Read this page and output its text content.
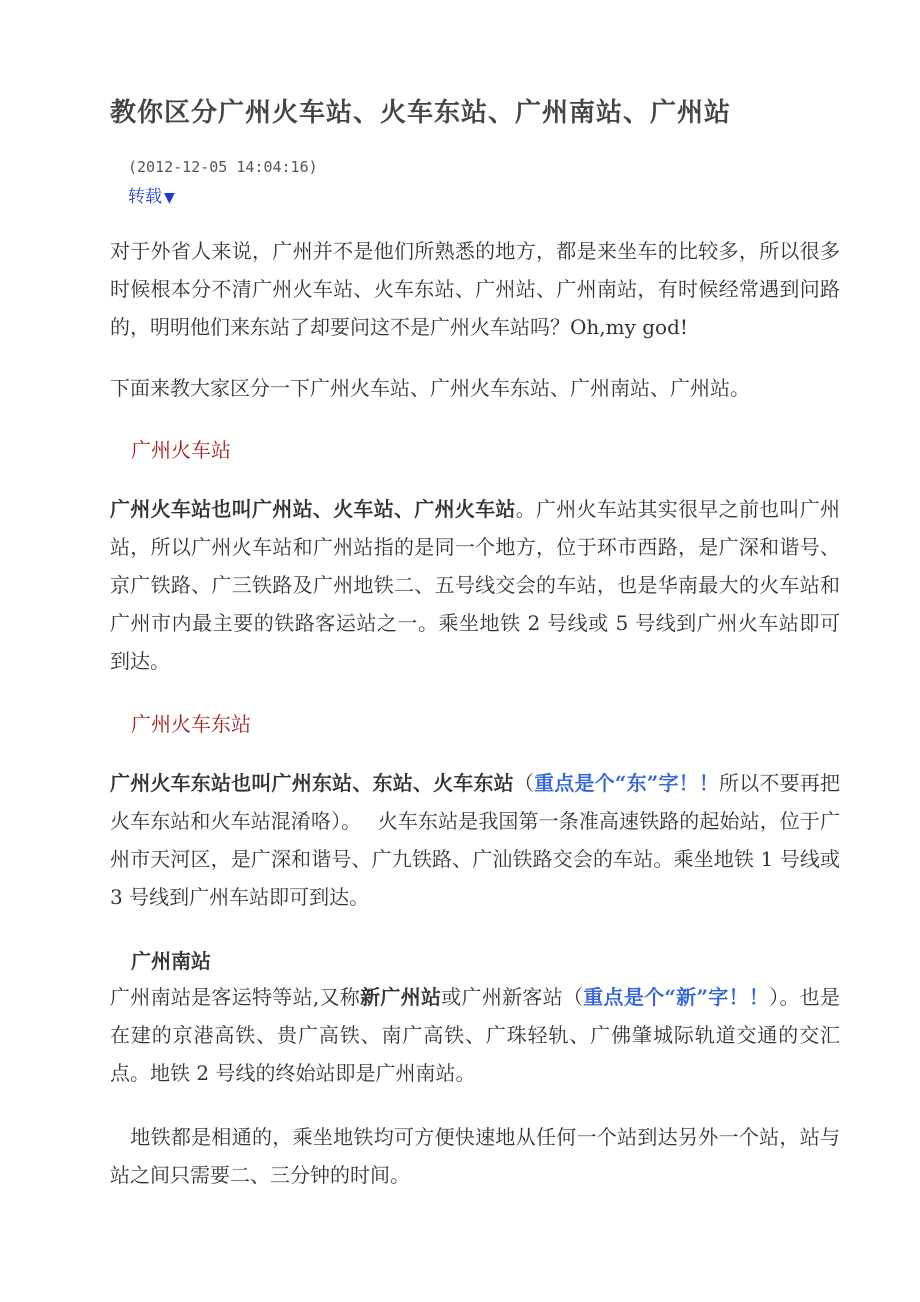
教你区分广州火车站、火车东站、广州南站、广州站
(2012-12-05 14:04:16)
转载 ▼
对于外省人来说，广州并不是他们所熟悉的地方，都是来坐车的比较多，所以很多时候根本分不清广州火车站、火车东站、广州站、广州南站，有时候经常遇到问路的，明明他们来东站了却要问这不是广州火车站吗？Oh,my god!
下面来教大家区分一下广州火车站、广州火车东站、广州南站、广州站。
广州火车站
广州火车站也叫广州站、火车站、广州火车站。广州火车站其实很早之前也叫广州站，所以广州火车站和广州站指的是同一个地方，位于环市西路，是广深和谐号、京广铁路、广三铁路及广州地铁二、五号线交会的车站，也是华南最大的火车站和广州市内最主要的铁路客运站之一。乘坐地铁 2 号线或 5 号线到广州火车站即可到达。
广州火车东站
广州火车东站也叫广州东站、东站、火车东站（重点是个“东”字！！所以不要再把火车东站和火车站混淆咯）。　 火车东站是我国第一条准高速铁路的起始站，位于广州市天河区，是广深和谐号、广九铁路、广汕铁路交会的车站。乘坐地铁 1 号线或 3 号线到广州车站即可到达。
广州南站
广州南站是客运特等站,又称新广州站或广州新客站（重点是个“新”字！！）。也是在建的京港高铁、贵广高铁、南广高铁、广珠轻轨、广佛肇城际轨道交通的交汇点。地铁 2 号线的终始站即是广州南站。
　地铁都是相通的，乘坐地铁均可方便快速地从任何一个站到达另外一个站，站与站之间只需要二、三分钟的时间。
